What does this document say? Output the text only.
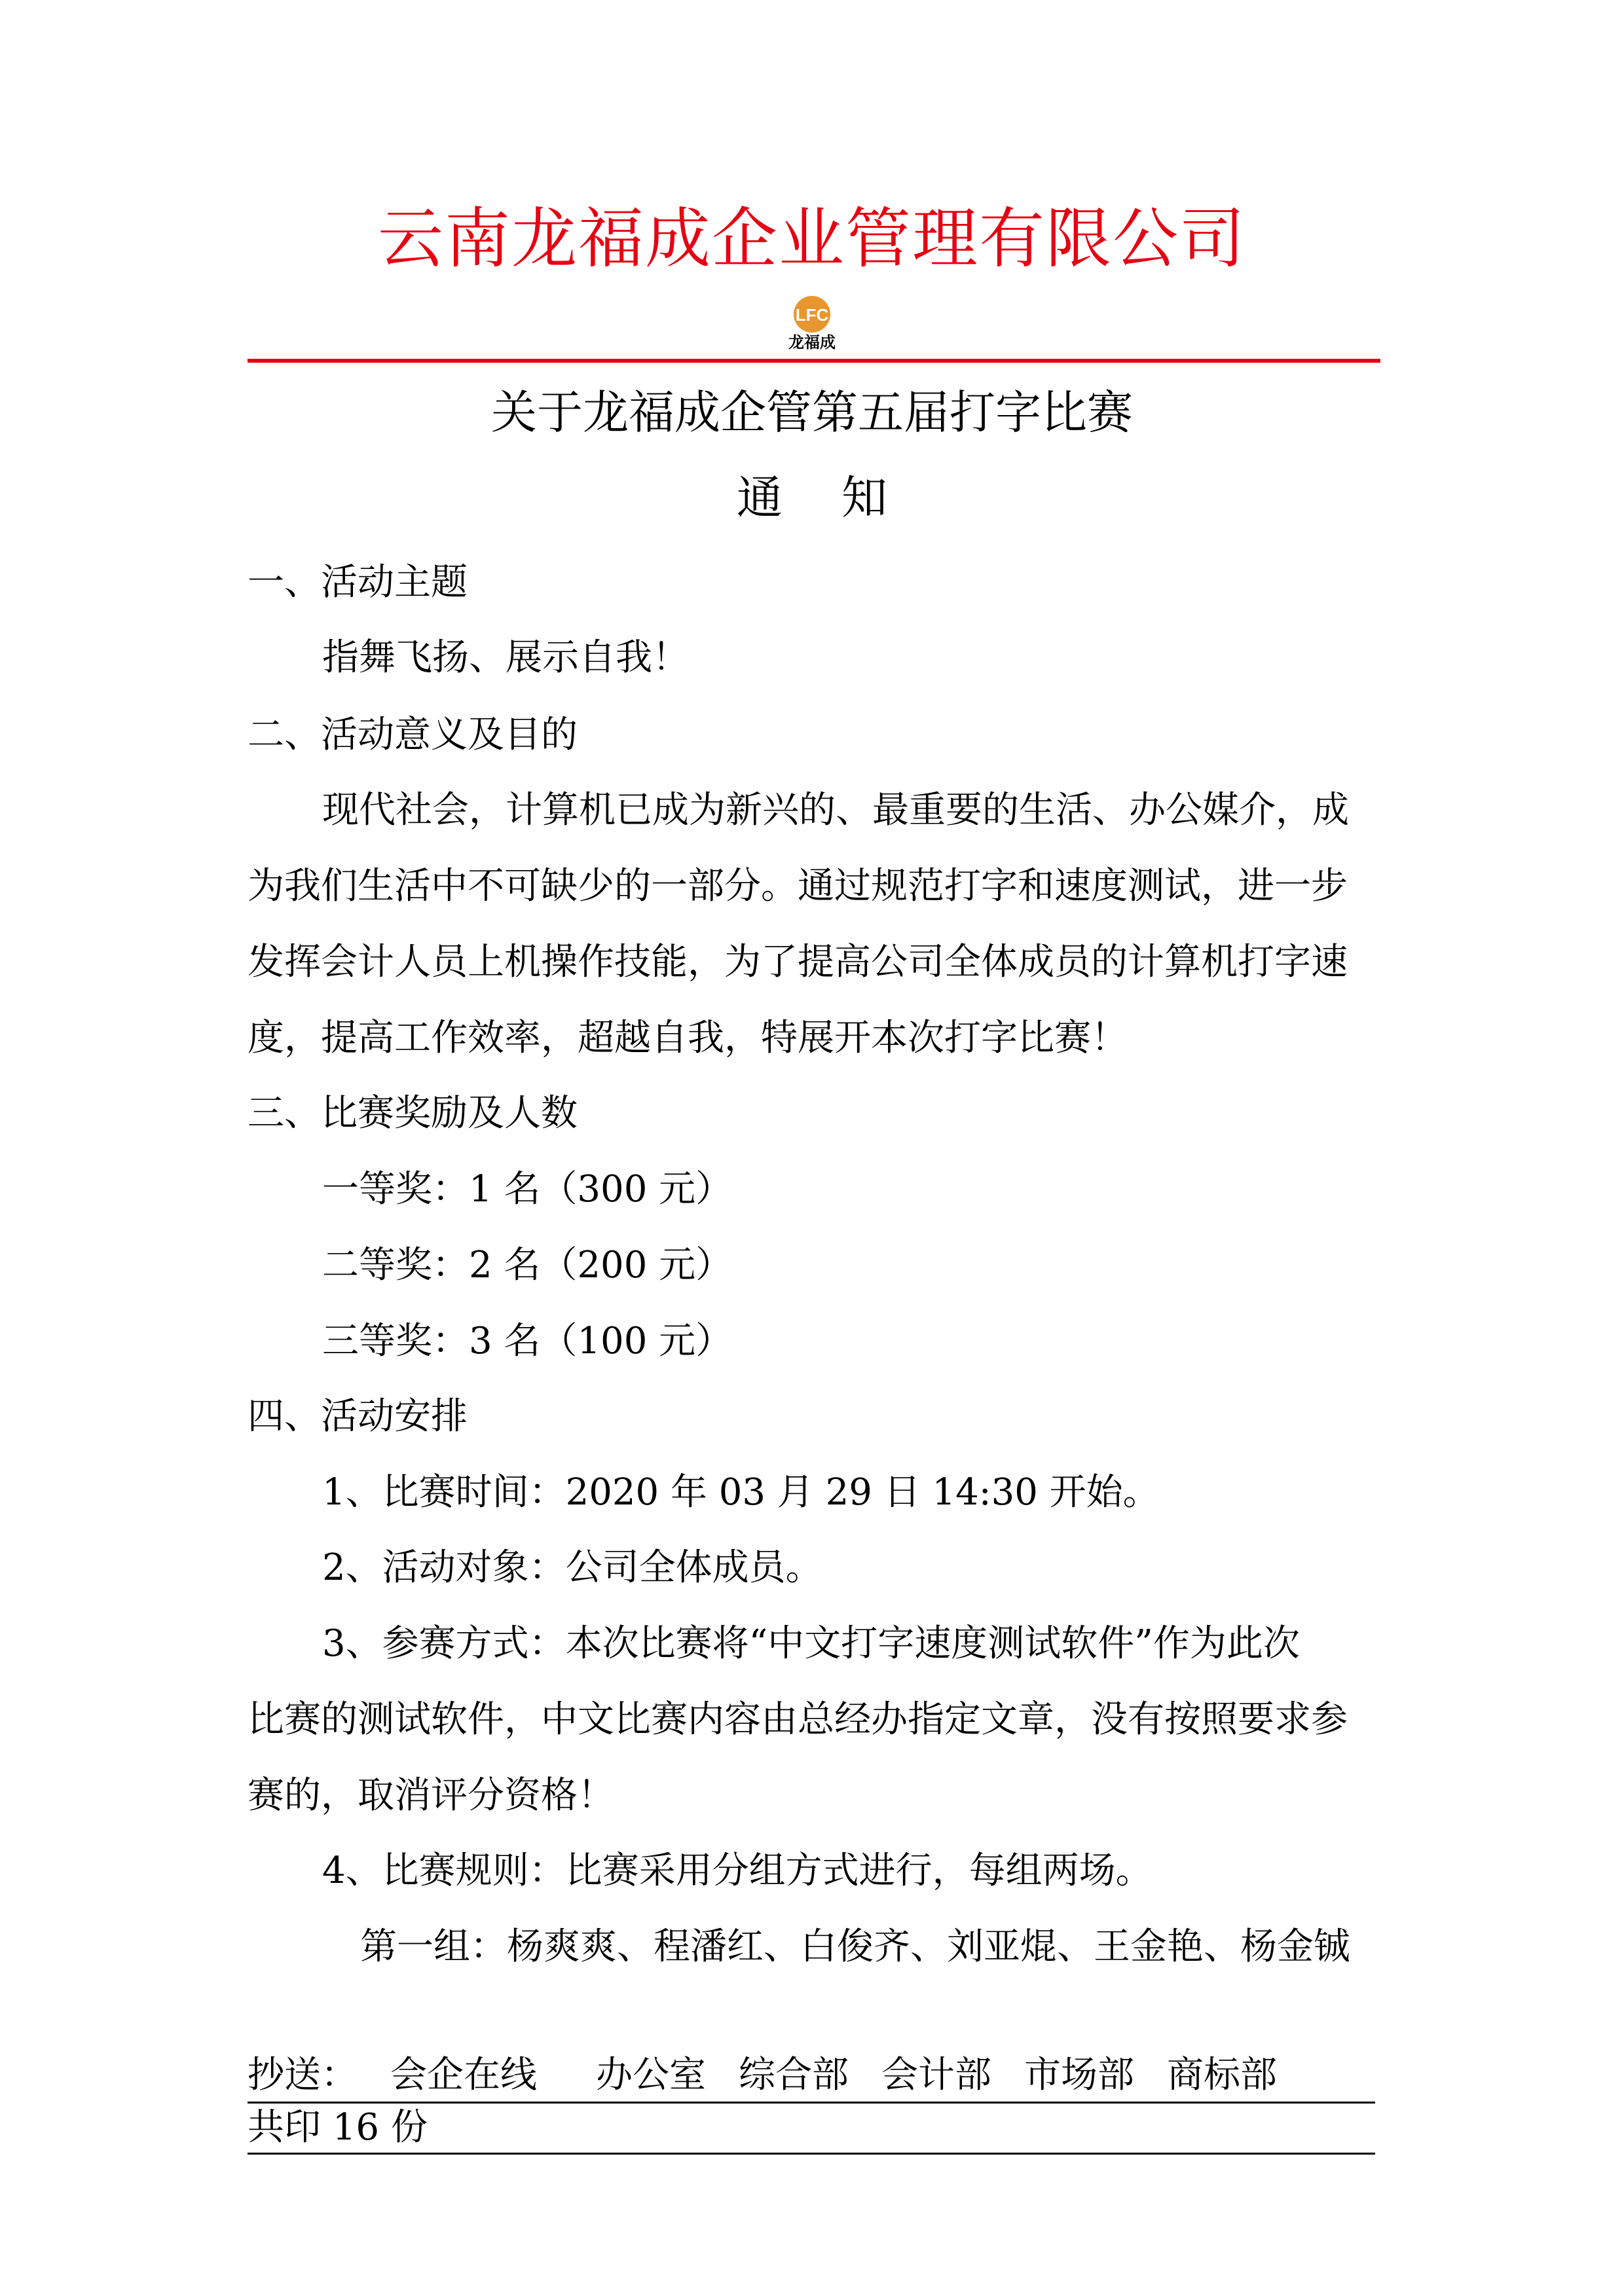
云南龙福成企业管理有限公司
LFC
龙福成
关于龙福成企管第五届打字比赛
通知
一、活动主题
指舞飞扬、展示自我！
二、活动意义及目的
现代社会，计算机已成为新兴的、最重要的生活、办公媒介，成
为我们生活中不可缺少的一部分。通过规范打字和速度测试，进一步
发挥会计人员上机操作技能，为了提高公司全体成员的计算机打字速
度，提高工作效率，超越自我，特展开本次打字比赛！
三、比赛奖励及人数
一等奖：1 名（300 元）
二等奖：2 名（200 元）
三等奖：3 名（100 元）
四、活动安排
1、比赛时间：2020 年 03 月 29 日 14:30 开始。
2、活动对象：公司全体成员。
3、参赛方式：本次比赛将“中文打字速度测试软件”作为此次
比赛的测试软件，中文比赛内容由总经办指定文章，没有按照要求参
赛的，取消评分资格！
4、比赛规则：比赛采用分组方式进行，每组两场。
第一组：杨爽爽、程潘红、白俊齐、刘亚焜、王金艳、杨金铖
抄送： 会企在线 办公室 综合部 会计部 市场部 商标部
共印 16 份
